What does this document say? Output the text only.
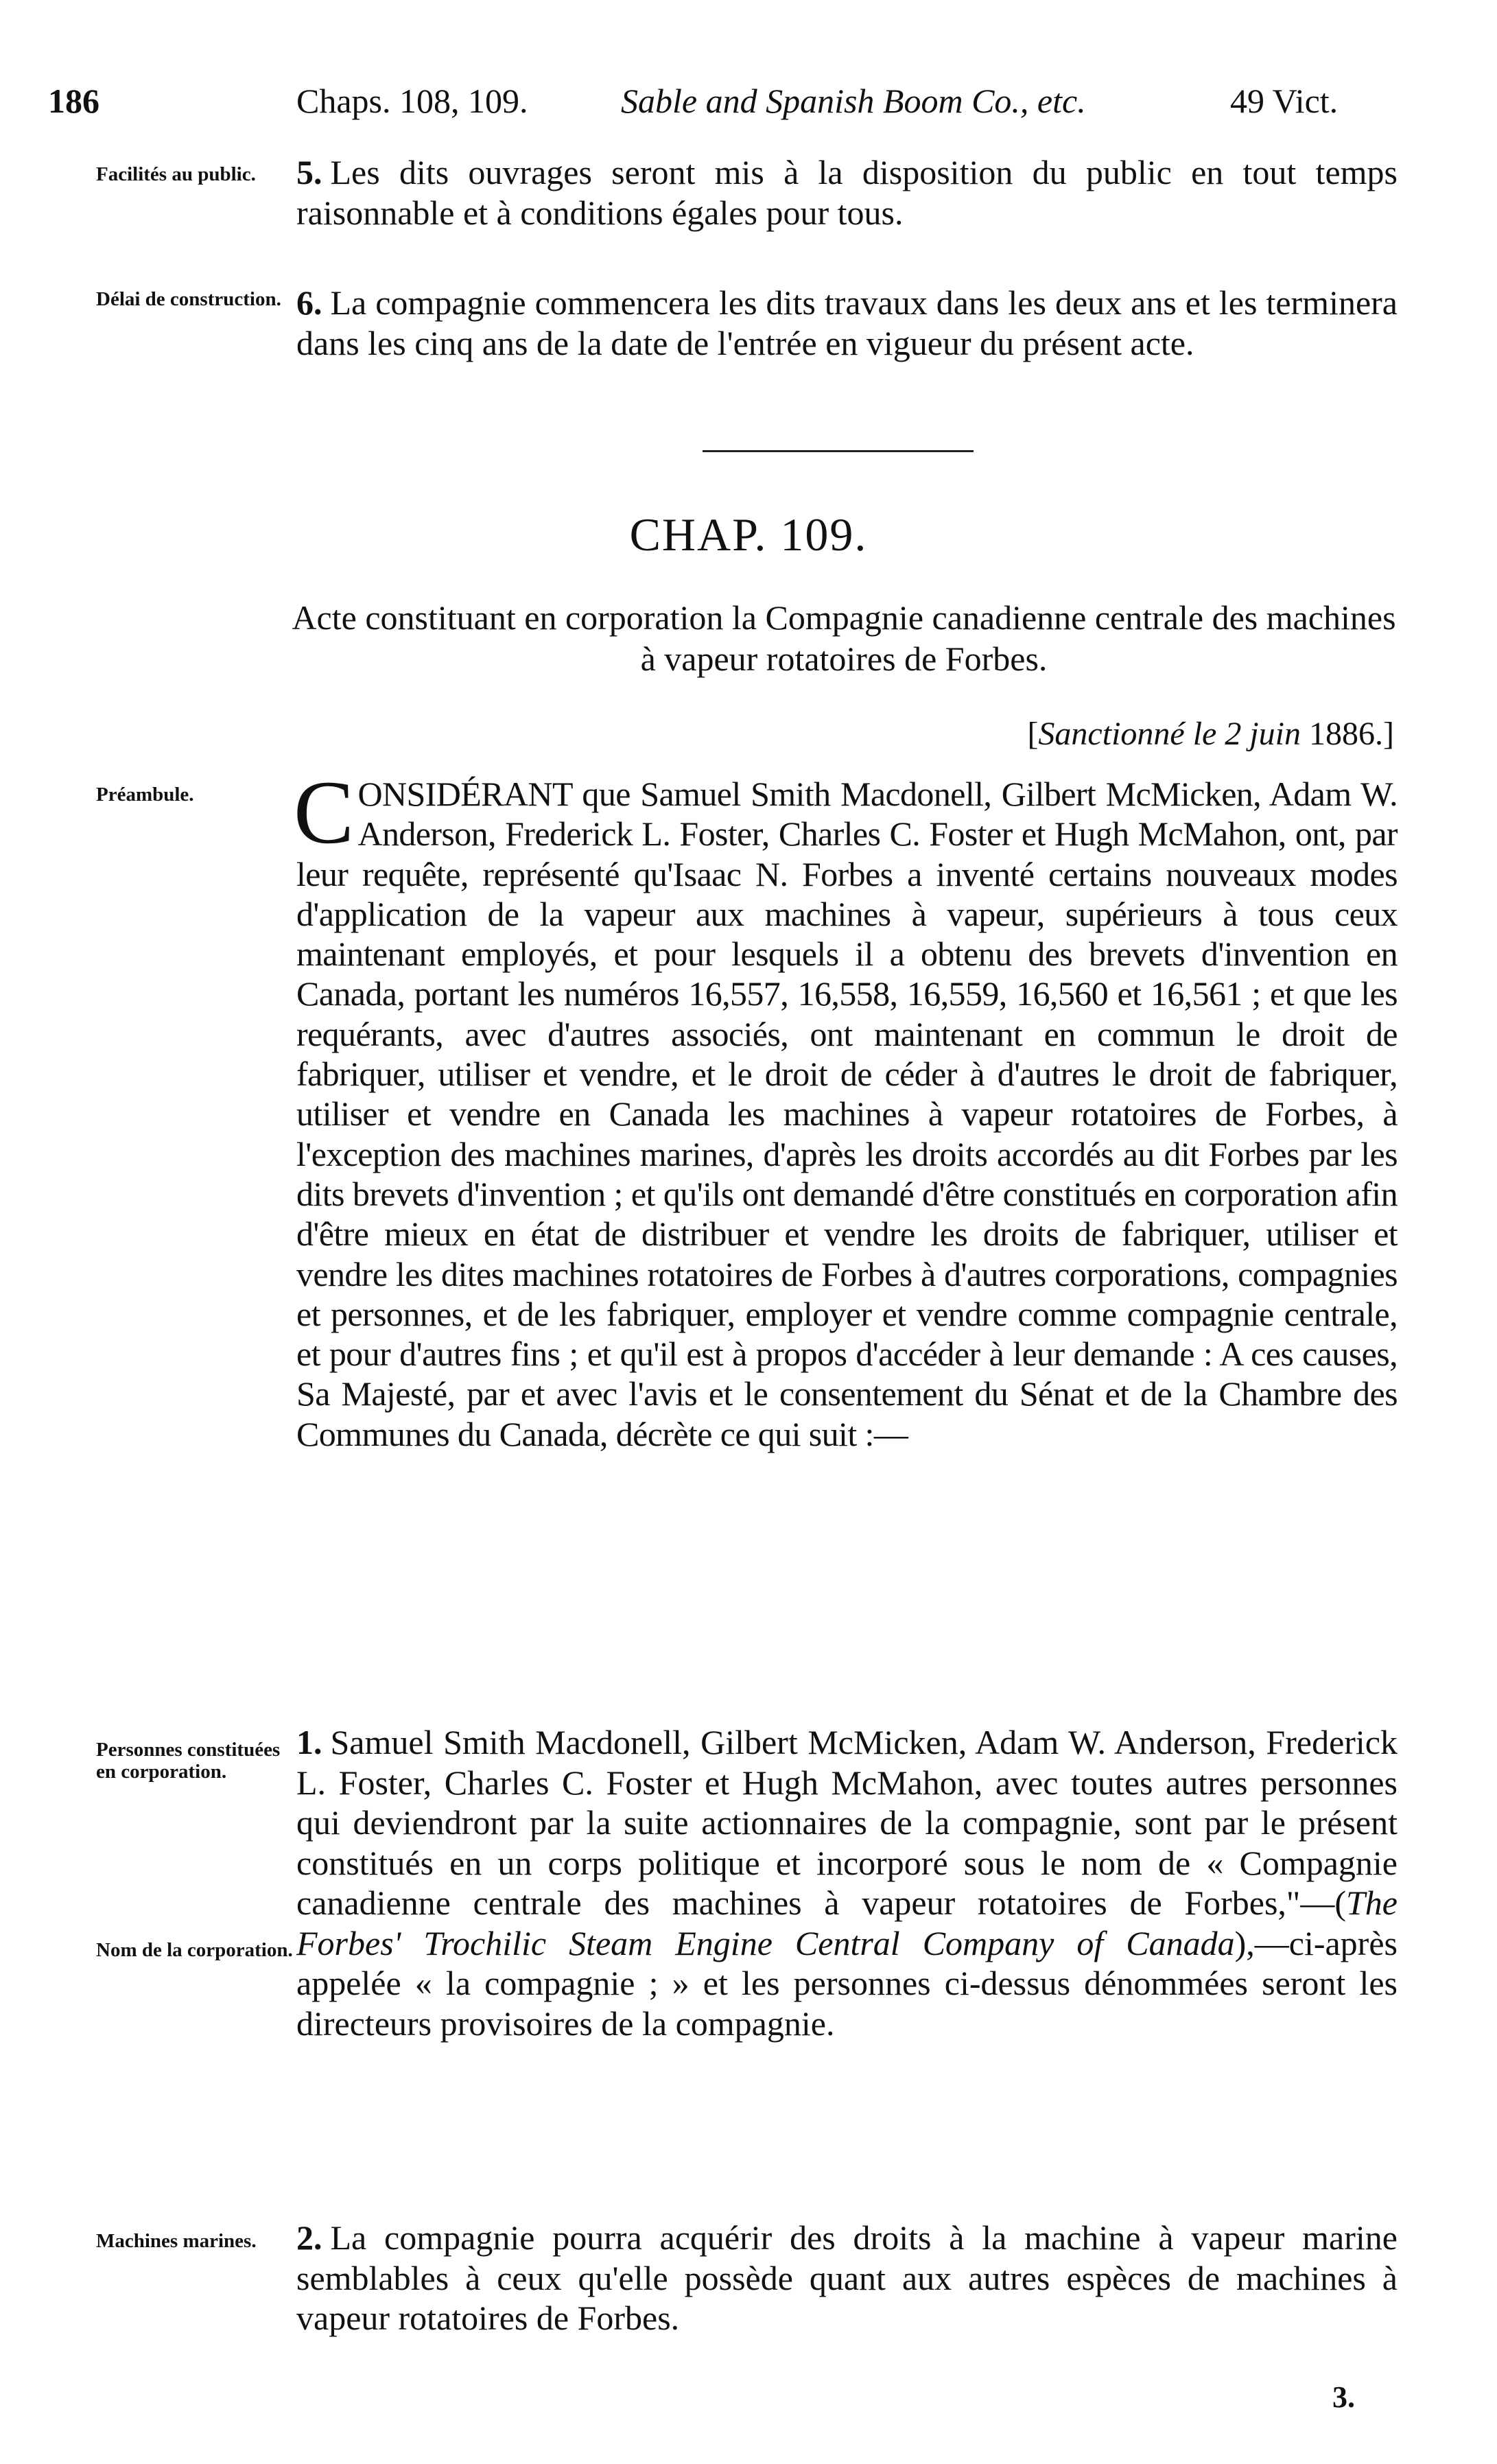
186	Chaps. 108, 109.	Sable and Spanish Boom Co., etc.	49 Vict.
Facilités au public.	5. Les dits ouvrages seront mis à la disposition du public en tout temps raisonnable et à conditions égales pour tous.
Délai de construction. 6. La compagnie commencera les dits travaux dans les deux ans et les terminera dans les cinq ans de la date de l'entrée en vigueur du présent acte.
CHAP. 109.
Acte constituant en corporation la Compagnie canadienne centrale des machines à vapeur rotatoires de Forbes.
[Sanctionné le 2 juin 1886.]
Préambule.	CONSIDÉRANT que Samuel Smith Macdonell, Gilbert McMicken, Adam W. Anderson, Frederick L. Foster, Charles C. Foster et Hugh McMahon, ont, par leur requête, représenté qu'Isaac N. Forbes a inventé certains nouveaux modes d'application de la vapeur aux machines à vapeur, supérieurs à tous ceux maintenant employés, et pour lesquels il a obtenu des brevets d'invention en Canada, portant les numéros 16,557, 16,558, 16,559, 16,560 et 16,561 ; et que les requérants, avec d'autres associés, ont maintenant en commun le droit de fabriquer, utiliser et vendre, et le droit de céder à d'autres le droit de fabriquer, utiliser et vendre en Canada les machines à vapeur rotatoires de Forbes, à l'exception des machines marines, d'après les droits accordés au dit Forbes par les dits brevets d'invention ; et qu'ils ont demandé d'être constitués en corporation afin d'être mieux en état de distribuer et vendre les droits de fabriquer, utiliser et vendre les dites machines rotatoires de Forbes à d'autres corporations, compagnies et personnes, et de les fabriquer, employer et vendre comme compagnie centrale, et pour d'autres fins ; et qu'il est à propos d'accéder à leur demande : A ces causes, Sa Majesté, par et avec l'avis et le consentement du Sénat et de la Chambre des Communes du Canada, décrète ce qui suit :—
Personnes constituées en corporation.
Nom de la corporation.
1. Samuel Smith Macdonell, Gilbert McMicken, Adam W. Anderson, Frederick L. Foster, Charles C. Foster et Hugh McMahon, avec toutes autres personnes qui deviendront par la suite actionnaires de la compagnie, sont par le présent constitués en un corps politique et incorporé sous le nom de « Compagnie canadienne centrale des machines à vapeur rotatoires de Forbes,"—(The Forbes' Trochilic Steam Engine Central Company of Canada),—ci-après appelée « la compagnie ; » et les personnes ci-dessus dénommées seront les directeurs provisoires de la compagnie.
Machines marines.	2. La compagnie pourra acquérir des droits à la machine à vapeur marine semblables à ceux qu'elle possède quant aux autres espèces de machines à vapeur rotatoires de Forbes.
3.
